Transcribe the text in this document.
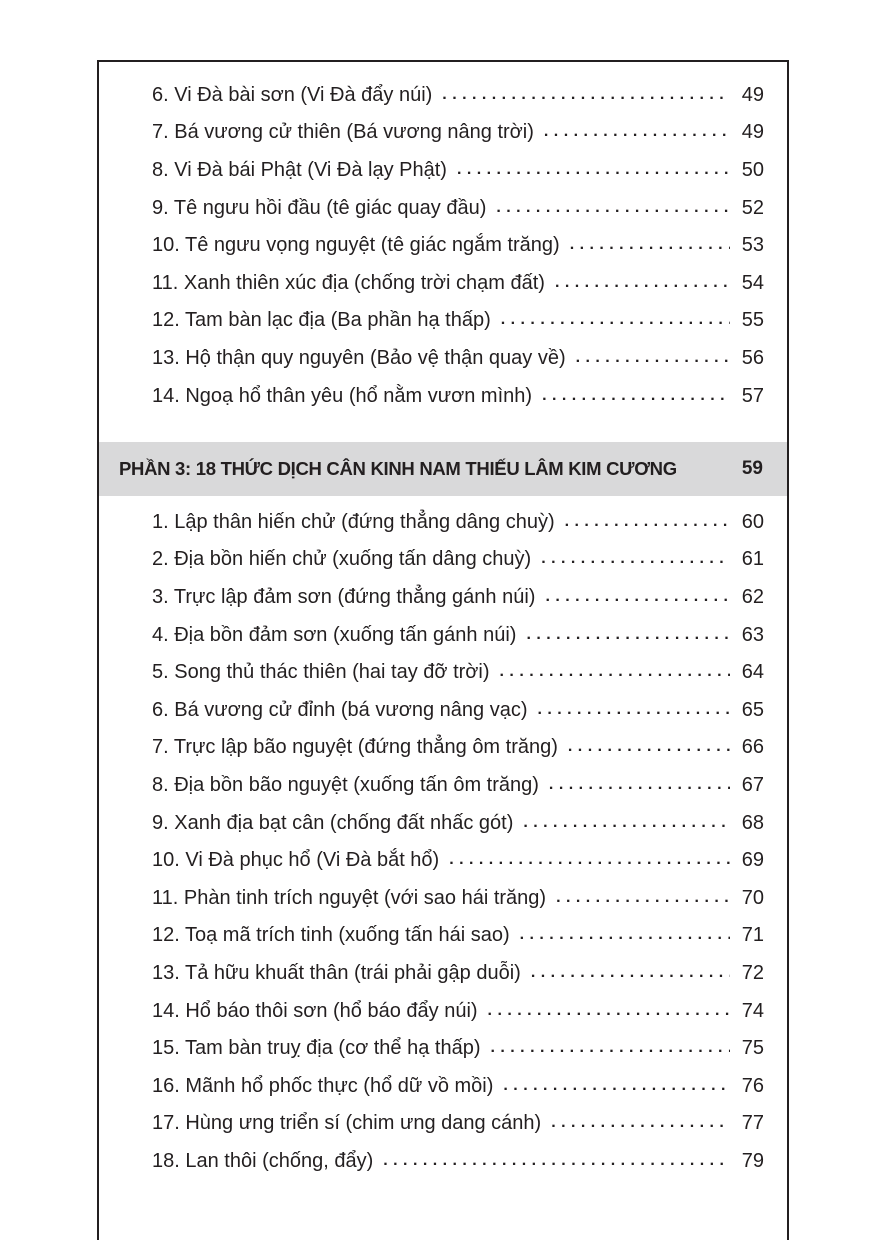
6. Vi Đà bài sơn (Vi Đà đẩy núi) . . .	49
7. Bá vương cử thiên (Bá vương nâng trời) . . .	49
8. Vi Đà bái Phật (Vi Đà lạy Phật) . . .	50
9. Tê ngưu hồi đầu (tê giác quay đầu) . . .	52
10. Tê ngưu vọng nguyệt (tê giác ngắm trăng) . . .	53
11. Xanh thiên xúc địa (chống trời chạm đất) . . .	54
12. Tam bàn lạc địa (Ba phần hạ thấp) . . .	55
13. Hộ thận quy nguyên (Bảo vệ thận quay về) . . .	56
14. Ngoạ hổ thân yêu (hổ nằm vươn mình) . . .	57
PHẦN 3: 18 THỨC DỊCH CÂN KINH NAM THIẾU LÂM KIM CƯƠNG	59
1. Lập thân hiến chử (đứng thẳng dâng chuỳ) . . .	60
2. Địa bồn hiến chử (xuống tấn dâng chuỳ) . . .	61
3. Trực lập đảm sơn (đứng thẳng gánh núi) . . .	62
4. Địa bồn đảm sơn (xuống tấn gánh núi) . . .	63
5. Song thủ thác thiên (hai tay đỡ trời) . . .	64
6. Bá vương cử đỉnh (bá vương nâng vạc) . . .	65
7. Trực lập bão nguyệt (đứng thẳng ôm trăng) . . .	66
8. Địa bồn bão nguyệt (xuống tấn ôm trăng) . . .	67
9. Xanh địa bạt cân (chống đất nhấc gót) . . .	68
10. Vi Đà phục hổ (Vi Đà bắt hổ) . . .	69
11. Phàn tinh trích nguyệt (với sao hái trăng) . . .	70
12. Toạ mã trích tinh (xuống tấn hái sao) . . .	71
13. Tả hữu khuất thân (trái phải gập duỗi) . . .	72
14. Hổ báo thôi sơn (hổ báo đẩy núi) . . .	74
15. Tam bàn truỵ địa (cơ thể hạ thấp) . . .	75
16. Mãnh hổ phốc thực (hổ dữ vồ mồi) . . .	76
17. Hùng ưng triển sí (chim ưng dang cánh) . . .	77
18. Lan thôi (chống, đẩy) . . .	79
